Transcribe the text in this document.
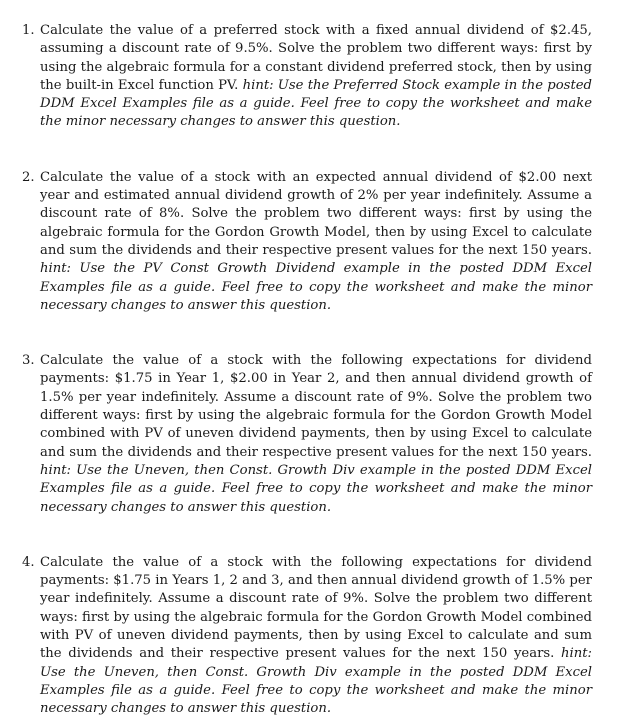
1. Calculate the value of a preferred stock with a fixed annual dividend of $2.45, assuming a discount rate of 9.5%. Solve the problem two different ways: first by using the algebraic formula for a constant dividend preferred stock, then by using the built-in Excel function PV. hint: Use the Preferred Stock example in the posted DDM Excel Examples file as a guide. Feel free to copy the worksheet and make the minor necessary changes to answer this question.
2. Calculate the value of a stock with an expected annual dividend of $2.00 next year and estimated annual dividend growth of 2% per year indefinitely. Assume a discount rate of 8%. Solve the problem two different ways: first by using the algebraic formula for the Gordon Growth Model, then by using Excel to calculate and sum the dividends and their respective present values for the next 150 years. hint: Use the PV Const Growth Dividend example in the posted DDM Excel Examples file as a guide. Feel free to copy the worksheet and make the minor necessary changes to answer this question.
3. Calculate the value of a stock with the following expectations for dividend payments: $1.75 in Year 1, $2.00 in Year 2, and then annual dividend growth of 1.5% per year indefinitely. Assume a discount rate of 9%. Solve the problem two different ways: first by using the algebraic formula for the Gordon Growth Model combined with PV of uneven dividend payments, then by using Excel to calculate and sum the dividends and their respective present values for the next 150 years. hint: Use the Uneven, then Const. Growth Div example in the posted DDM Excel Examples file as a guide. Feel free to copy the worksheet and make the minor necessary changes to answer this question.
4. Calculate the value of a stock with the following expectations for dividend payments: $1.75 in Years 1, 2 and 3, and then annual dividend growth of 1.5% per year indefinitely. Assume a discount rate of 9%. Solve the problem two different ways: first by using the algebraic formula for the Gordon Growth Model combined with PV of uneven dividend payments, then by using Excel to calculate and sum the dividends and their respective present values for the next 150 years. hint: Use the Uneven, then Const. Growth Div example in the posted DDM Excel Examples file as a guide. Feel free to copy the worksheet and make the minor necessary changes to answer this question.
